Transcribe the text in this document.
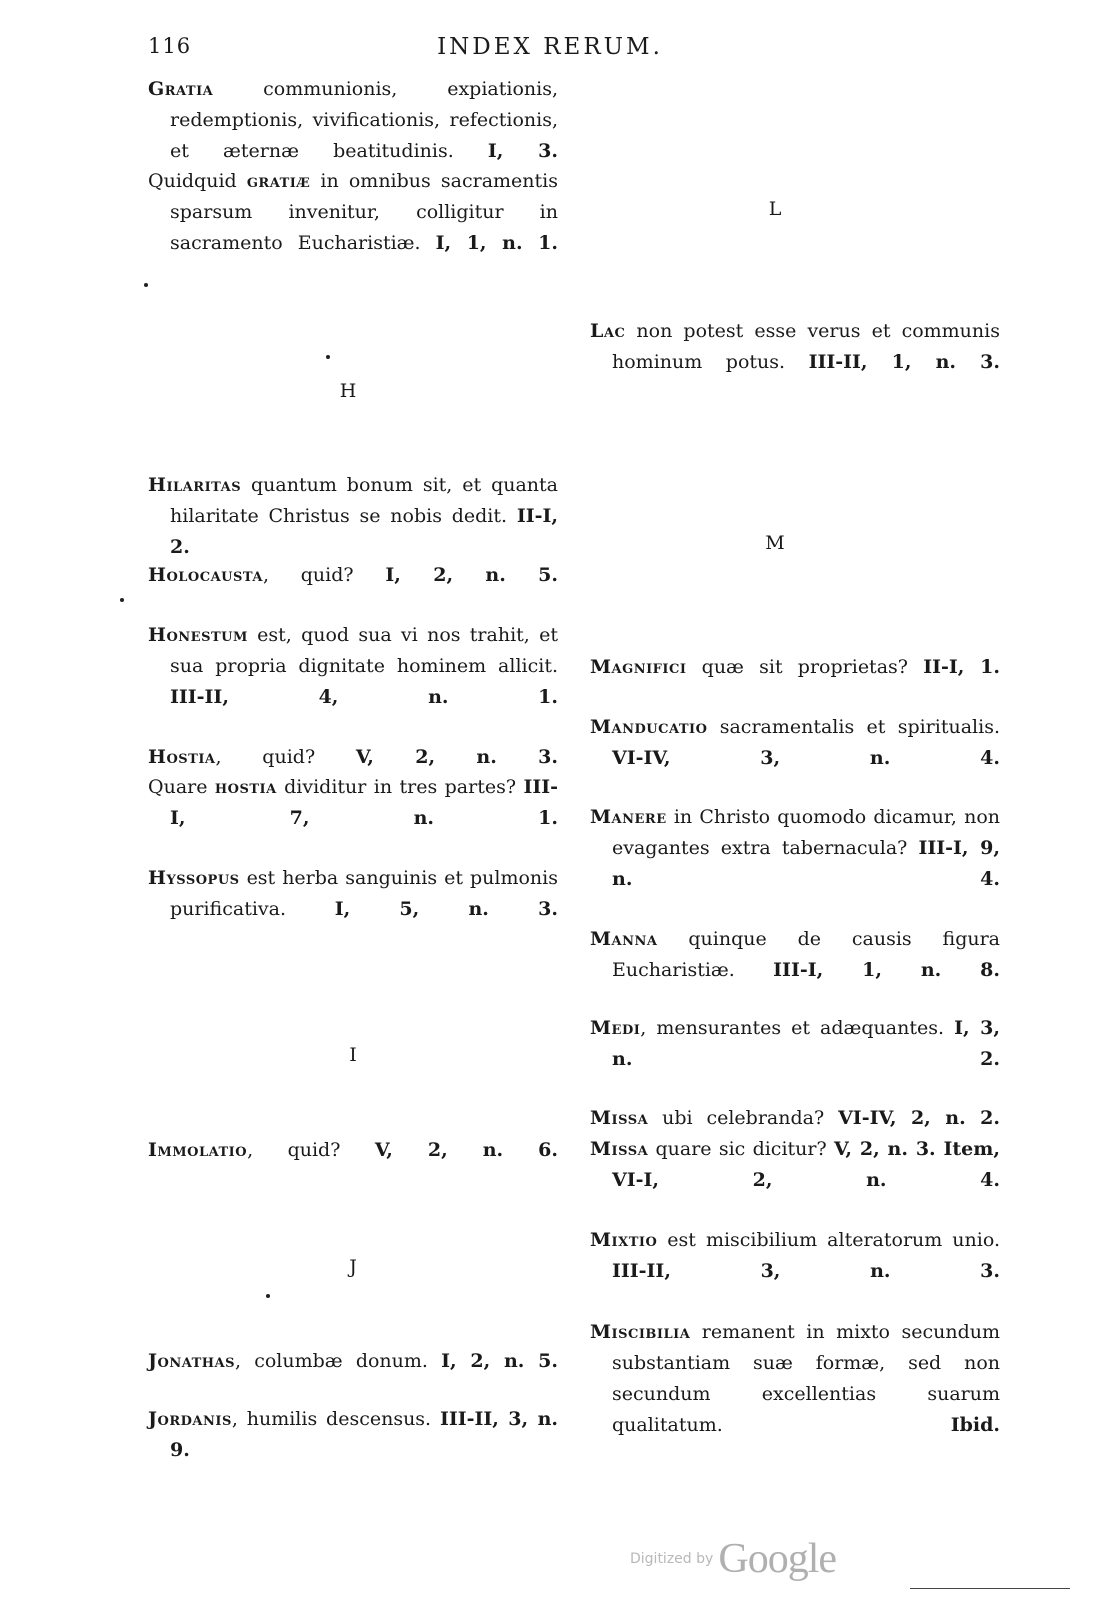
116	INDEX RERUM.
Gratia communionis, expiationis, redemptionis, vivificationis, refectionis, et æternæ beatitudinis. I, 3.
Quidquid gratiæ in omnibus sacramentis sparsum invenitur, colligitur in sacramento Eucharistiæ. I, 1, n. 1.
H
Hilaritas quantum bonum sit, et quanta hilaritate Christus se nobis dedit. II-I, 2.
Holocausta, quid? I, 2, n. 5.
Honestum est, quod sua vi nos trahit, et sua propria dignitate hominem allicit. III-II, 4, n. 1.
Hostia, quid? V, 2, n. 3.
Quare hostia dividitur in tres partes? III-I, 7, n. 1.
Hyssopus est herba sanguinis et pulmonis purificativa.	I, 5, n. 3.
I
Immolatio, quid? V, 2, n. 6.
J
Jonathas, columbæ donum. I, 2, n. 5.
Jordanis, humilis descensus. III-II, 3, n. 9.
L
Lac non potest esse verus et communis hominum potus. III-II, 1, n. 3.
M
Magnifici quæ sit proprietas? II-I, 1.
Manducatio sacramentalis et spiritualis. VI-IV, 3, n. 4.
Manere in Christo quomodo dicamur, non evagantes extra tabernacula? III-I, 9, n. 4.
Manna quinque de causis figura Eucharistiæ. III-I, 1, n. 8.
Medi, mensurantes et adæquantes. I, 3, n. 2.
Missa ubi celebranda? VI-IV, 2, n. 2.
Missa quare sic dicitur? V, 2, n. 3. Item, VI-I, 2, n. 4.
Mixtio est miscibilium alteratorum unio. III-II, 3, n. 3.
Miscibilia remanent in mixto secundum substantiam suæ formæ, sed non secundum excellentias suarum qualitatum.	Ibid.
Digitized by Google
